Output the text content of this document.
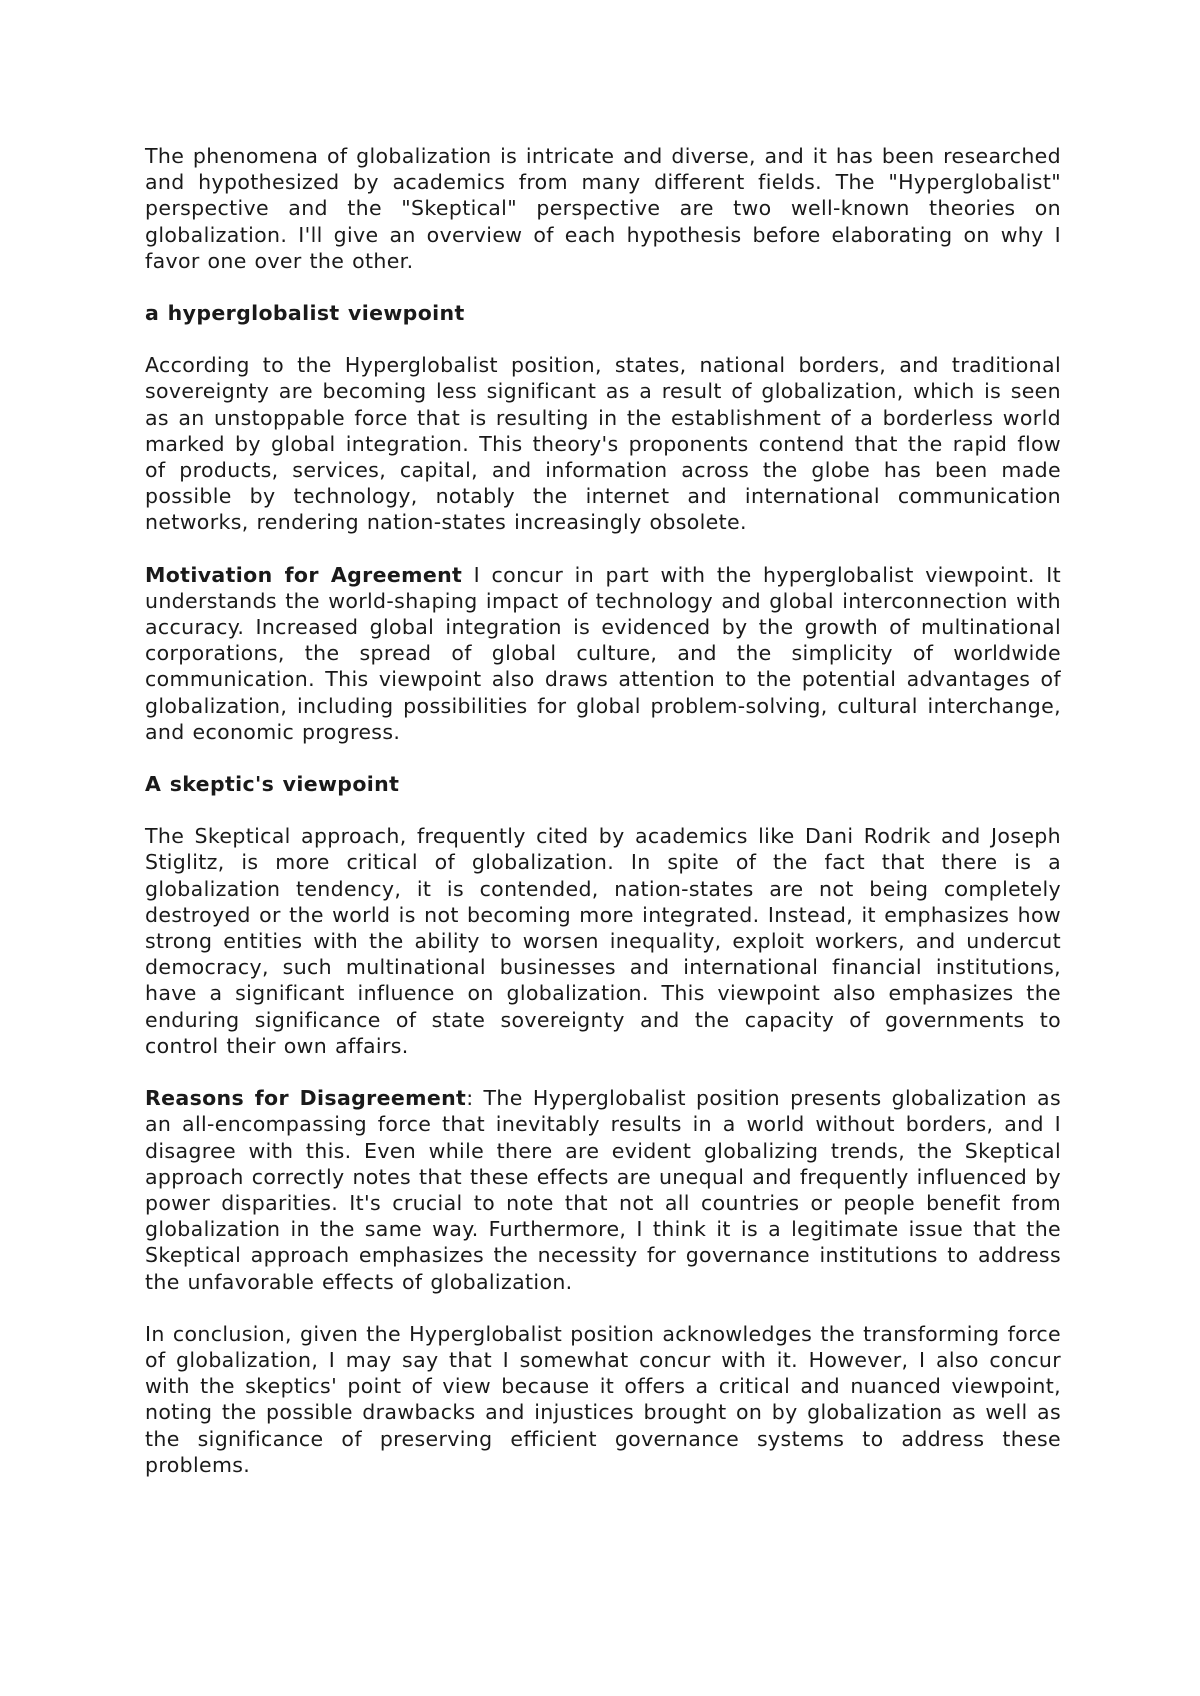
The phenomena of globalization is intricate and diverse, and it has been researched and hypothesized by academics from many different fields. The "Hyperglobalist" perspective and the "Skeptical" perspective are two well-known theories on globalization. I'll give an overview of each hypothesis before elaborating on why I favor one over the other.

a hyperglobalist viewpoint

According to the Hyperglobalist position, states, national borders, and traditional sovereignty are becoming less significant as a result of globalization, which is seen as an unstoppable force that is resulting in the establishment of a borderless world marked by global integration. This theory's proponents contend that the rapid flow of products, services, capital, and information across the globe has been made possible by technology, notably the internet and international communication networks, rendering nation-states increasingly obsolete.

Motivation for Agreement I concur in part with the hyperglobalist viewpoint. It understands the world-shaping impact of technology and global interconnection with accuracy. Increased global integration is evidenced by the growth of multinational corporations, the spread of global culture, and the simplicity of worldwide communication. This viewpoint also draws attention to the potential advantages of globalization, including possibilities for global problem-solving, cultural interchange, and economic progress.

A skeptic's viewpoint

The Skeptical approach, frequently cited by academics like Dani Rodrik and Joseph Stiglitz, is more critical of globalization. In spite of the fact that there is a globalization tendency, it is contended, nation-states are not being completely destroyed or the world is not becoming more integrated. Instead, it emphasizes how strong entities with the ability to worsen inequality, exploit workers, and undercut democracy, such multinational businesses and international financial institutions, have a significant influence on globalization. This viewpoint also emphasizes the enduring significance of state sovereignty and the capacity of governments to control their own affairs.

Reasons for Disagreement: The Hyperglobalist position presents globalization as an all-encompassing force that inevitably results in a world without borders, and I disagree with this. Even while there are evident globalizing trends, the Skeptical approach correctly notes that these effects are unequal and frequently influenced by power disparities. It's crucial to note that not all countries or people benefit from globalization in the same way. Furthermore, I think it is a legitimate issue that the Skeptical approach emphasizes the necessity for governance institutions to address the unfavorable effects of globalization.

In conclusion, given the Hyperglobalist position acknowledges the transforming force of globalization, I may say that I somewhat concur with it. However, I also concur with the skeptics' point of view because it offers a critical and nuanced viewpoint, noting the possible drawbacks and injustices brought on by globalization as well as the significance of preserving efficient governance systems to address these problems.
